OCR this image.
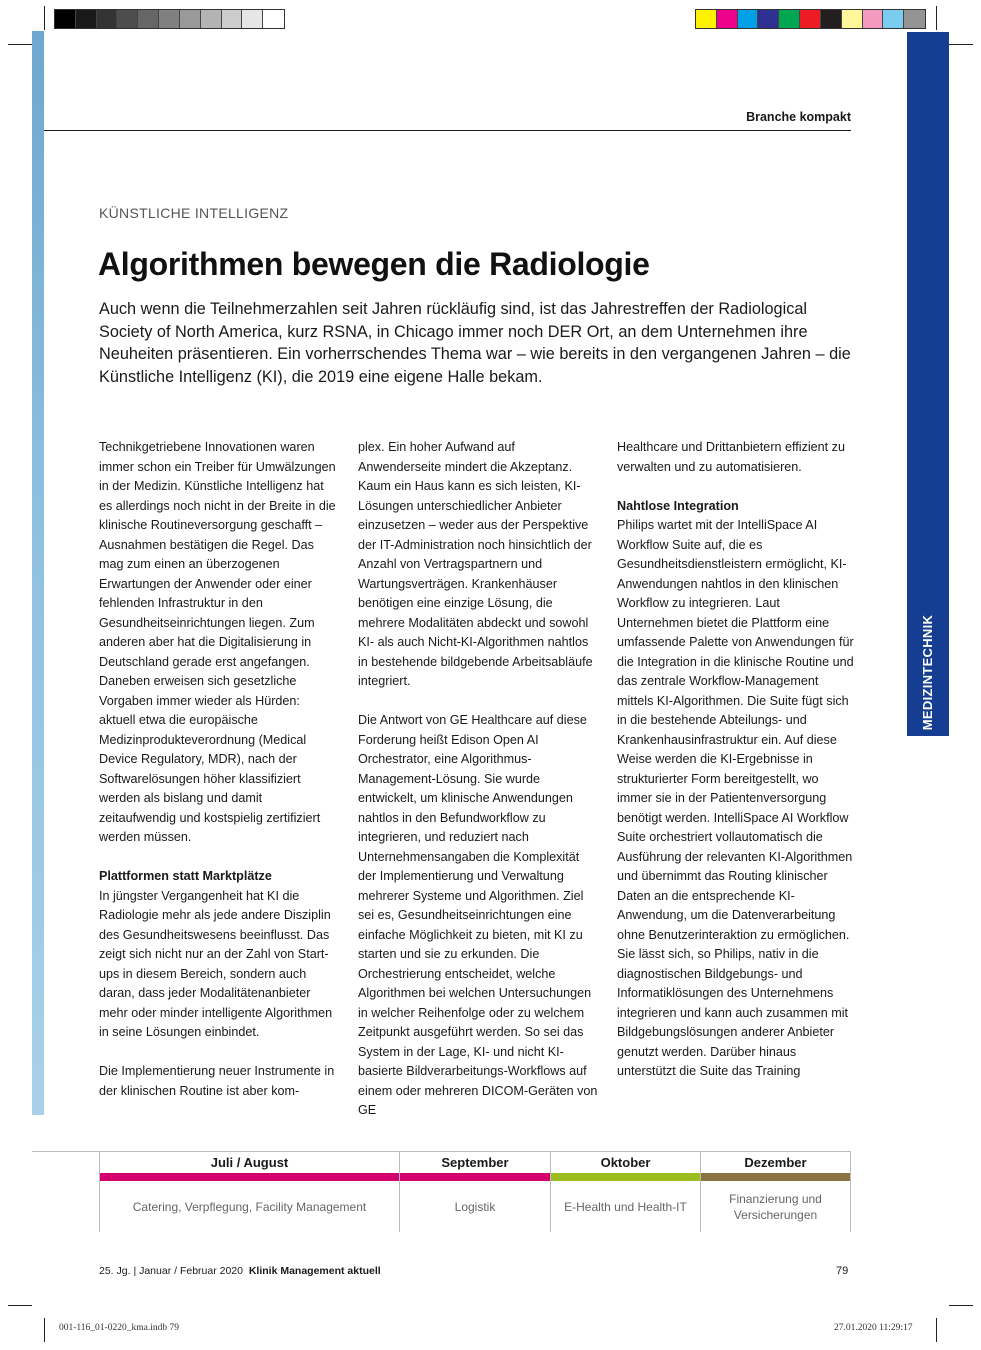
MEDIZINTECHNIK
Branche kompakt
KÜNSTLICHE INTELLIGENZ
Algorithmen bewegen die Radiologie

Auch wenn die Teilnehmerzahlen seit Jahren rückläufig sind, ist das Jahrestreffen der Radiological Society of North America, kurz RSNA, in Chicago immer noch DER Ort, an dem Unternehmen ihre Neuheiten präsentieren. Ein vorherrschendes Thema war – wie bereits in den vergangenen Jahren – die Künstliche Intelligenz (KI), die 2019 eine eigene Halle bekam.

Technikgetriebene Innovationen waren immer schon ein Treiber für Umwälzungen in der Medizin. Künstliche Intelligenz hat es allerdings noch nicht in der Breite in die klinische Routineversorgung geschafft – Ausnahmen bestätigen die Regel. Das mag zum einen an überzogenen Erwartungen der Anwender oder einer fehlenden Infrastruktur in den Gesundheitseinrichtungen liegen. Zum anderen aber hat die Digitalisierung in Deutschland gerade erst angefangen. Daneben erweisen sich gesetzliche Vorgaben immer wieder als Hürden: aktuell etwa die europäische Medizinprodukteverordnung (Medical Device Regulatory, MDR), nach der Softwarelösungen höher klassifiziert werden als bislang und damit zeitaufwendig und kostspielig zertifiziert werden müssen.

Plattformen statt Marktplätze

In jüngster Vergangenheit hat KI die Radiologie mehr als jede andere Disziplin des Gesundheitswesens beeinflusst. Das zeigt sich nicht nur an der Zahl von Start-ups in diesem Bereich, sondern auch daran, dass jeder Modalitätenanbieter mehr oder minder intelligente Algorithmen in seine Lösungen einbindet.

Die Implementierung neuer Instrumente in der klinischen Routine ist aber kom-

plex. Ein hoher Aufwand auf Anwenderseite mindert die Akzeptanz. Kaum ein Haus kann es sich leisten, KI-Lösungen unterschiedlicher Anbieter einzusetzen – weder aus der Perspektive der IT-Administration noch hinsichtlich der Anzahl von Vertragspartnern und Wartungsverträgen. Krankenhäuser benötigen eine einzige Lösung, die mehrere Modalitäten abdeckt und sowohl KI- als auch Nicht-KI-Algorithmen nahtlos in bestehende bildgebende Arbeitsabläufe integriert.

Die Antwort von GE Healthcare auf diese Forderung heißt Edison Open AI Orchestrator, eine Algorithmus-Management-Lösung. Sie wurde entwickelt, um klinische Anwendungen nahtlos in den Befundworkflow zu integrieren, und reduziert nach Unternehmensangaben die Komplexität der Implementierung und Verwaltung mehrerer Systeme und Algorithmen. Ziel sei es, Gesundheitseinrichtungen eine einfache Möglichkeit zu bieten, mit KI zu starten und sie zu erkunden. Die Orchestrierung entscheidet, welche Algorithmen bei welchen Untersuchungen in welcher Reihenfolge oder zu welchem Zeitpunkt ausgeführt werden. So sei das System in der Lage, KI- und nicht KI-basierte Bildverarbeitungs-Workflows auf einem oder mehreren DICOM-Geräten von GE

Healthcare und Drittanbietern effizient zu verwalten und zu automatisieren.

Nahtlose Integration

Philips wartet mit der IntelliSpace AI Workflow Suite auf, die es Gesundheitsdienstleistern ermöglicht, KI-Anwendungen nahtlos in den klinischen Workflow zu integrieren. Laut Unternehmen bietet die Plattform eine umfassende Palette von Anwendungen für die Integration in die klinische Routine und das zentrale Workflow-Management mittels KI-Algorithmen. Die Suite fügt sich in die bestehende Abteilungs- und Krankenhausinfrastruktur ein. Auf diese Weise werden die KI-Ergebnisse in strukturierter Form bereitgestellt, wo immer sie in der Patientenversorgung benötigt werden. IntelliSpace AI Workflow Suite orchestriert vollautomatisch die Ausführung der relevanten KI-Algorithmen und übernimmt das Routing klinischer Daten an die entsprechende KI-Anwendung, um die Datenverarbeitung ohne Benutzerinteraktion zu ermöglichen. Sie lässt sich, so Philips, nativ in die diagnostischen Bildgebungs- und Informatiklösungen des Unternehmens integrieren und kann auch zusammen mit Bildgebungslösungen anderer Anbieter genutzt werden. Darüber hinaus unterstützt die Suite das Training

Juli / August
Catering, Verpflegung, Facility Management
September
Logistik
Oktober
E-Health und Health-IT
Dezember
Finanzierung und Versicherungen
25. Jg. | Januar / Februar 2020 Klinik Management aktuell	79
001-116_01-0220_kma.indb 79	27.01.2020 11:29:17
